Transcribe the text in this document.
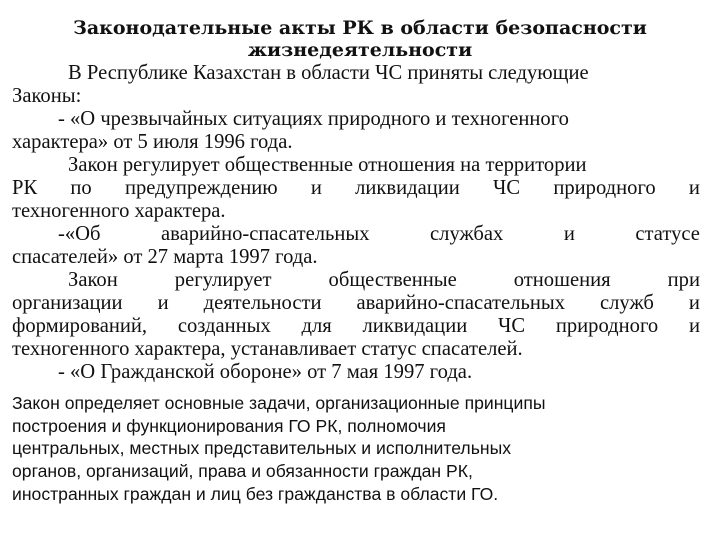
Законодательные акты РК в области безопасности
жизнедеятельности
В Республике Казахстан в области ЧС приняты следующие
Законы:
- «О чрезвычайных ситуациях природного и техногенного
характера» от 5 июля 1996 года.
Закон регулирует общественные отношения на территории
РК по предупреждению и ликвидации ЧС природного и
техногенного характера.
-«Об	аварийно-спасательных	службах	и	статусе
спасателей» от 27 марта 1997 года.
Закон	регулирует	общественные	отношения	при
организации и деятельности аварийно-спасательных служб и
формирований, созданных для ликвидации ЧС природного и
техногенного характера, устанавливает статус спасателей.
- «О Гражданской обороне» от 7 мая 1997 года.
Закон определяет основные задачи, организационные принципы
построения и функционирования ГО РК, полномочия
центральных, местных представительных и исполнительных
органов, организаций, права и обязанности граждан РК,
иностранных граждан и лиц без гражданства в области ГО.
